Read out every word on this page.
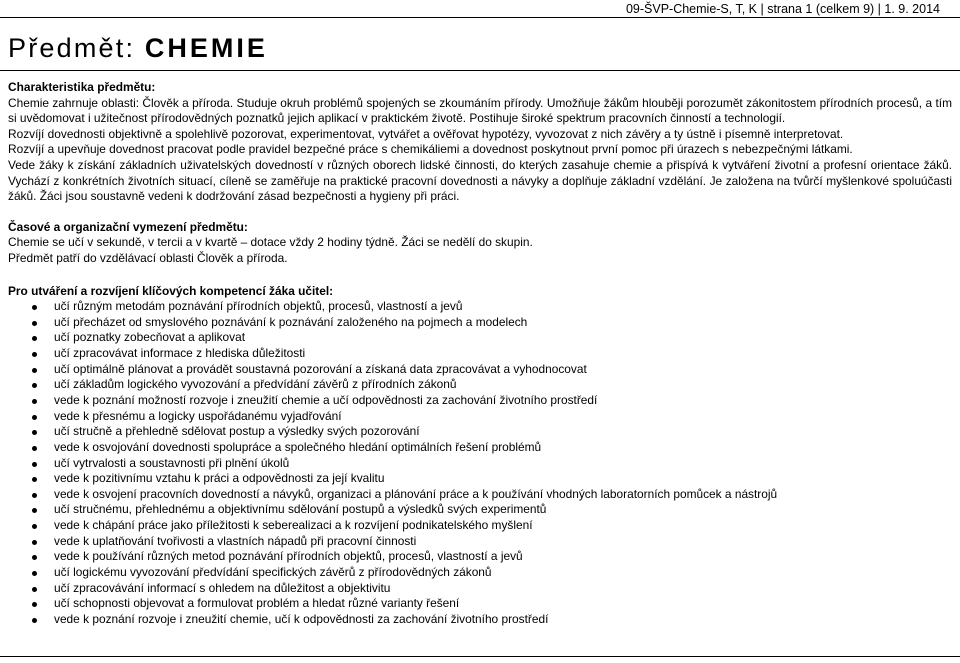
09-ŠVP-Chemie-S, T, K | strana 1 (celkem 9) | 1. 9. 2014
Předmět: CHEMIE

Charakteristika předmětu:

Chemie zahrnuje oblasti: Člověk a příroda. Studuje okruh problémů spojených se zkoumáním přírody. Umožňuje žákům hlouběji porozumět zákonitostem přírodních procesů, a tím si uvědomovat i užitečnost přírodovědných poznatků jejich aplikací v praktickém životě. Postihuje široké spektrum pracovních činností a technologií.

Rozvíjí dovednosti objektivně a spolehlivě pozorovat, experimentovat, vytvářet a ověřovat hypotézy, vyvozovat z nich závěry a ty ústně i písemně interpretovat.

Rozvíjí a upevňuje dovednost pracovat podle pravidel bezpečné práce s chemikáliemi a dovednost poskytnout první pomoc při úrazech s nebezpečnými látkami.

Vede žáky k získání základních uživatelských dovedností v různých oborech lidské činnosti, do kterých zasahuje chemie a přispívá k vytváření životní a profesní orientace žáků. Vychází z konkrétních životních situací, cíleně se zaměřuje na praktické pracovní dovednosti a návyky a doplňuje základní vzdělání. Je založena na tvůrčí myšlenkové spoluúčasti žáků. Žáci jsou soustavně vedeni k dodržování zásad bezpečnosti a hygieny při práci.

Časové a organizační vymezení předmětu:

Chemie se učí v sekundě, v tercii a v kvartě – dotace vždy 2 hodiny týdně. Žáci se nedělí do skupin.

Předmět patří do vzdělávací oblasti Člověk a příroda.

Pro utváření a rozvíjení klíčových kompetencí žáka učitel:

učí různým metodám poznávání přírodních objektů, procesů, vlastností a jevů
učí přecházet od smyslového poznávání k poznávání založeného na pojmech a modelech
učí poznatky zobecňovat a aplikovat
učí zpracovávat informace z hlediska důležitosti
učí optimálně plánovat a provádět soustavná pozorování a získaná data zpracovávat a vyhodnocovat
učí základům logického vyvozování a předvídání závěrů z přírodních zákonů
vede k poznání možností rozvoje i zneužití chemie a učí odpovědnosti za zachování životního prostředí
vede k přesnému a logicky uspořádanému vyjadřování
učí stručně a přehledně sdělovat postup a výsledky svých pozorování
vede k osvojování dovednosti spolupráce a společného hledání optimálních řešení problémů
učí vytrvalosti a soustavnosti při plnění úkolů
vede k pozitivnímu vztahu k práci a odpovědnosti za její kvalitu
vede k osvojení pracovních dovedností a návyků, organizaci a plánování práce a k používání vhodných laboratorních pomůcek a nástrojů
učí stručnému, přehlednému a objektivnímu sdělování postupů a výsledků svých experimentů
vede k chápání práce jako příležitosti k seberealizaci a k rozvíjení podnikatelského myšlení
vede k uplatňování tvořivosti a vlastních nápadů při pracovní činnosti
vede k používání různých metod poznávání přírodních objektů, procesů, vlastností a jevů
učí logickému vyvozování předvídání specifických závěrů z přírodovědných zákonů
učí zpracovávání informací s ohledem na důležitost a objektivitu
učí schopnosti objevovat a formulovat problém a hledat různé varianty řešení
vede k poznání rozvoje i zneužití chemie, učí k odpovědnosti za zachování životního prostředí
